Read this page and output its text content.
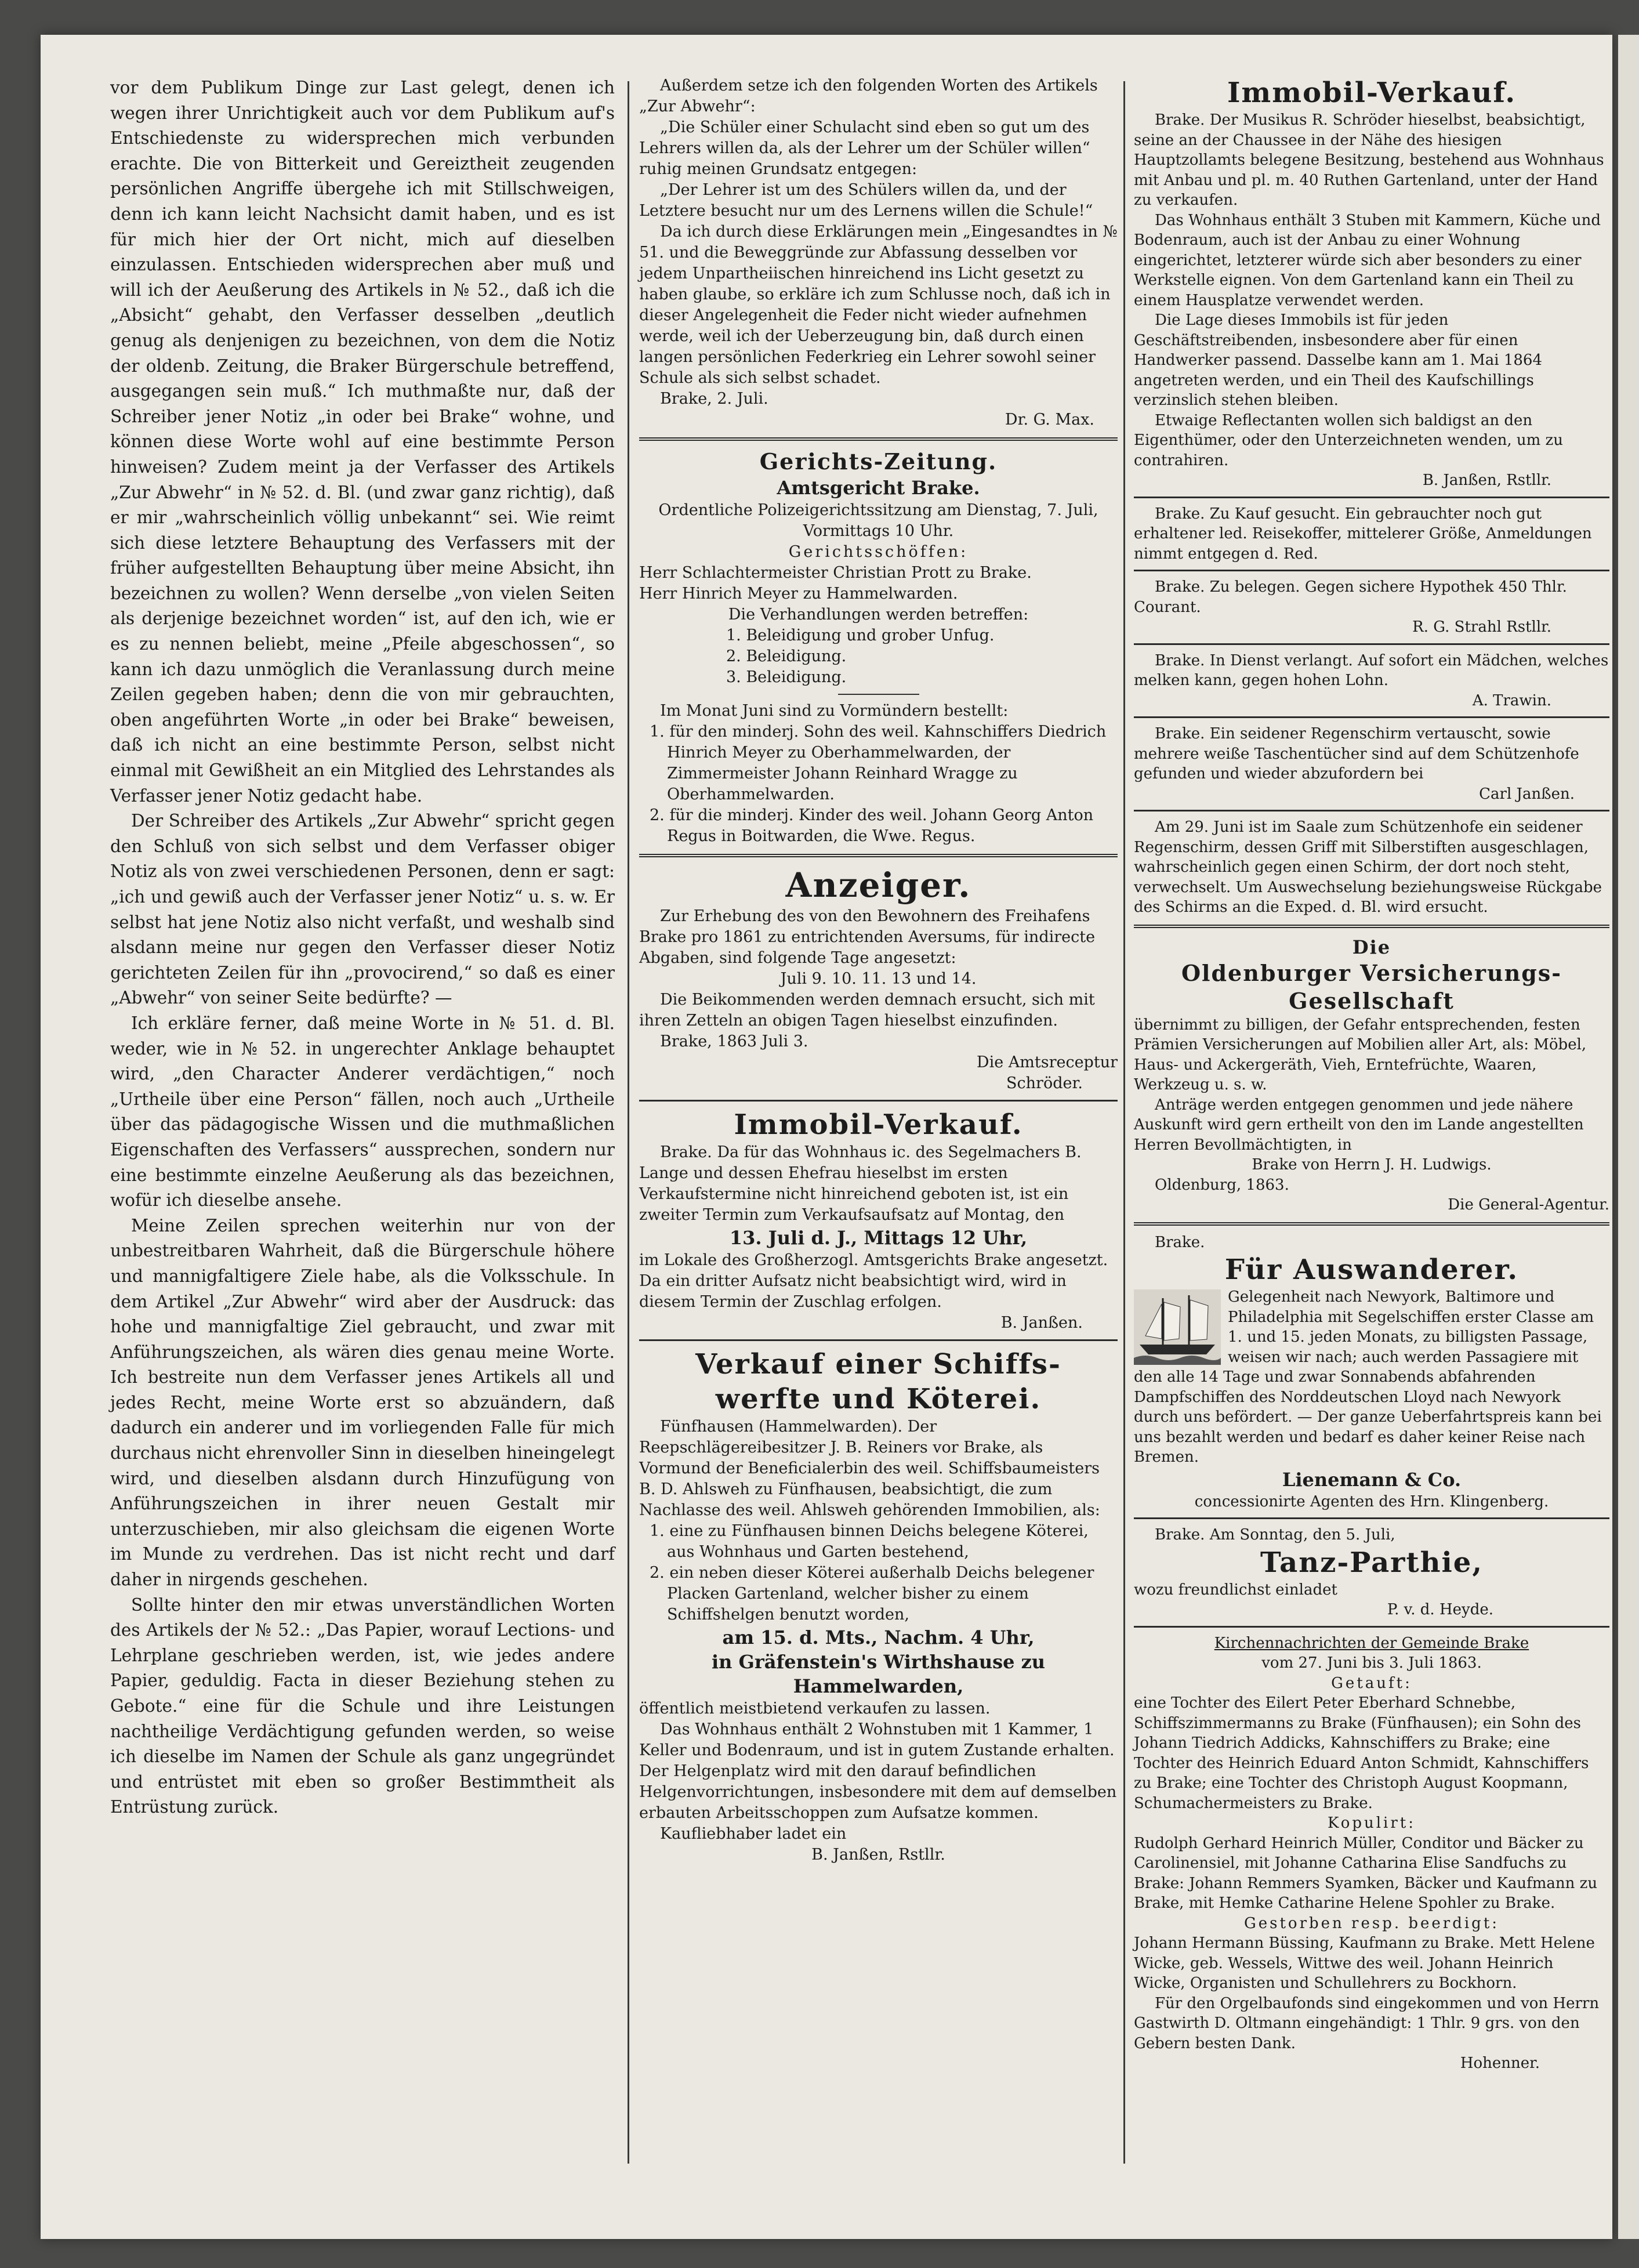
vor dem Publikum Dinge zur Last gelegt, denen ich wegen ihrer Unrichtigkeit auch vor dem Publikum auf's Entschiedenste zu widersprechen mich verbunden erachte. Die von Bitterkeit und Gereiztheit zeugenden persönlichen Angriffe übergehe ich mit Stillschweigen, denn ich kann leicht Nachsicht damit haben, und es ist für mich hier der Ort nicht, mich auf dieselben einzulassen. Entschieden widersprechen aber muß und will ich der Aeußerung des Artikels in № 52., daß ich die „Absicht“ gehabt, den Verfasser desselben „deutlich genug als denjenigen zu bezeichnen, von dem die Notiz der oldenb. Zeitung, die Braker Bürgerschule betreffend, ausgegangen sein muß.“ Ich muthmaßte nur, daß der Schreiber jener Notiz „in oder bei Brake“ wohne, und können diese Worte wohl auf eine bestimmte Person hinweisen? Zudem meint ja der Verfasser des Artikels „Zur Abwehr“ in № 52. d. Bl. (und zwar ganz richtig), daß er mir „wahrscheinlich völlig unbekannt“ sei. Wie reimt sich diese letztere Behauptung des Verfassers mit der früher aufgestellten Behauptung über meine Absicht, ihn bezeichnen zu wollen? Wenn derselbe „von vielen Seiten als derjenige bezeichnet worden“ ist, auf den ich, wie er es zu nennen beliebt, meine „Pfeile abgeschossen“, so kann ich dazu unmöglich die Veranlassung durch meine Zeilen gegeben haben; denn die von mir gebrauchten, oben angeführten Worte „in oder bei Brake“ beweisen, daß ich nicht an eine bestimmte Person, selbst nicht einmal mit Gewißheit an ein Mitglied des Lehrstandes als Verfasser jener Notiz gedacht habe.

Der Schreiber des Artikels „Zur Abwehr“ spricht gegen den Schluß von sich selbst und dem Verfasser obiger Notiz als von zwei verschiedenen Personen, denn er sagt: „ich und gewiß auch der Verfasser jener Notiz“ u. s. w. Er selbst hat jene Notiz also nicht verfaßt, und weshalb sind alsdann meine nur gegen den Verfasser dieser Notiz gerichteten Zeilen für ihn „provocirend,“ so daß es einer „Abwehr“ von seiner Seite bedürfte? —

Ich erkläre ferner, daß meine Worte in № 51. d. Bl. weder, wie in № 52. in ungerechter Anklage behauptet wird, „den Character Anderer verdächtigen,“ noch „Urtheile über eine Person“ fällen, noch auch „Urtheile über das pädagogische Wissen und die muthmaßlichen Eigenschaften des Verfassers“ aussprechen, sondern nur eine bestimmte einzelne Aeußerung als das bezeichnen, wofür ich dieselbe ansehe.

Meine Zeilen sprechen weiterhin nur von der unbestreitbaren Wahrheit, daß die Bürgerschule höhere und mannigfaltigere Ziele habe, als die Volksschule. In dem Artikel „Zur Abwehr“ wird aber der Ausdruck: das hohe und mannigfaltige Ziel gebraucht, und zwar mit Anführungszeichen, als wären dies genau meine Worte. Ich bestreite nun dem Verfasser jenes Artikels all und jedes Recht, meine Worte erst so abzuändern, daß dadurch ein anderer und im vorliegenden Falle für mich durchaus nicht ehrenvoller Sinn in dieselben hineingelegt wird, und dieselben alsdann durch Hinzufügung von Anführungszeichen in ihrer neuen Gestalt mir unterzuschieben, mir also gleichsam die eigenen Worte im Munde zu verdrehen. Das ist nicht recht und darf daher in nirgends geschehen.

Sollte hinter den mir etwas unverständlichen Worten des Artikels der № 52.: „Das Papier, worauf Lections- und Lehrplane geschrieben werden, ist, wie jedes andere Papier, geduldig. Facta in dieser Beziehung stehen zu Gebote.“ eine für die Schule und ihre Leistungen nachtheilige Verdächtigung gefunden werden, so weise ich dieselbe im Namen der Schule als ganz ungegründet und entrüstet mit eben so großer Bestimmtheit als Entrüstung zurück.

Außerdem setze ich den folgenden Worten des Artikels „Zur Abwehr“:

„Die Schüler einer Schulacht sind eben so gut um des Lehrers willen da, als der Lehrer um der Schüler willen“

ruhig meinen Grundsatz entgegen:

„Der Lehrer ist um des Schülers willen da, und der Letztere besucht nur um des Lernens willen die Schule!“

Da ich durch diese Erklärungen mein „Eingesandtes in № 51. und die Beweggründe zur Abfassung desselben vor jedem Unpartheiischen hinreichend ins Licht gesetzt zu haben glaube, so erkläre ich zum Schlusse noch, daß ich in dieser Angelegenheit die Feder nicht wieder aufnehmen werde, weil ich der Ueberzeugung bin, daß durch einen langen persönlichen Federkrieg ein Lehrer sowohl seiner Schule als sich selbst schadet.

Brake, 2. Juli.

Dr. G. Max.

Gerichts-Zeitung.

Amtsgericht Brake.

Ordentliche Polizeigerichtssitzung am Dienstag, 7. Juli, Vormittags 10 Uhr.

Gerichtsschöffen:

Herr Schlachtermeister Christian Prott zu Brake.

Herr Hinrich Meyer zu Hammelwarden.

Die Verhandlungen werden betreffen:

1. Beleidigung und grober Unfug.

2. Beleidigung.

3. Beleidigung.

Im Monat Juni sind zu Vormündern bestellt:

1. für den minderj. Sohn des weil. Kahnschiffers Diedrich Hinrich Meyer zu Oberhammelwarden, der Zimmermeister Johann Reinhard Wragge zu Oberhammelwarden.

2. für die minderj. Kinder des weil. Johann Georg Anton Regus in Boitwarden, die Wwe. Regus.

Anzeiger.

Zur Erhebung des von den Bewohnern des Freihafens Brake pro 1861 zu entrichtenden Aversums, für indirecte Abgaben, sind folgende Tage angesetzt:

Juli 9. 10. 11. 13 und 14.

Die Beikommenden werden demnach ersucht, sich mit ihren Zetteln an obigen Tagen hieselbst einzufinden.

Brake, 1863 Juli 3.

Die Amtsreceptur

Schröder.

Immobil-Verkauf.

Brake. Da für das Wohnhaus ic. des Segelmachers B. Lange und dessen Ehefrau hieselbst im ersten Verkaufstermine nicht hinreichend geboten ist, ist ein zweiter Termin zum Verkaufsaufsatz auf Montag, den

13. Juli d. J., Mittags 12 Uhr,

im Lokale des Großherzogl. Amtsgerichts Brake angesetzt. Da ein dritter Aufsatz nicht beabsichtigt wird, wird in diesem Termin der Zuschlag erfolgen.

B. Janßen.

Verkauf einer Schiffs-

werfte und Köterei.

Fünfhausen (Hammelwarden). Der Reepschlägereibesitzer J. B. Reiners vor Brake, als Vormund der Beneficialerbin des weil. Schiffsbaumeisters B. D. Ahlsweh zu Fünfhausen, beabsichtigt, die zum Nachlasse des weil. Ahlsweh gehörenden Immobilien, als:

1. eine zu Fünfhausen binnen Deichs belegene Köterei, aus Wohnhaus und Garten bestehend,

2. ein neben dieser Köterei außerhalb Deichs belegener Placken Gartenland, welcher bisher zu einem Schiffshelgen benutzt worden,

am 15. d. Mts., Nachm. 4 Uhr,

in Gräfenstein's Wirthshause zu Hammelwarden,

öffentlich meistbietend verkaufen zu lassen.

Das Wohnhaus enthält 2 Wohnstuben mit 1 Kammer, 1 Keller und Bodenraum, und ist in gutem Zustande erhalten. Der Helgenplatz wird mit den darauf befindlichen Helgenvorrichtungen, insbesondere mit dem auf demselben erbauten Arbeitsschoppen zum Aufsatze kommen.

Kaufliebhaber ladet ein

B. Janßen, Rstllr.

Immobil-Verkauf.

Brake. Der Musikus R. Schröder hieselbst, beabsichtigt, seine an der Chaussee in der Nähe des hiesigen Hauptzollamts belegene Besitzung, bestehend aus Wohnhaus mit Anbau und pl. m. 40 Ruthen Gartenland, unter der Hand zu verkaufen.

Das Wohnhaus enthält 3 Stuben mit Kammern, Küche und Bodenraum, auch ist der Anbau zu einer Wohnung eingerichtet, letzterer würde sich aber besonders zu einer Werkstelle eignen. Von dem Gartenland kann ein Theil zu einem Hausplatze verwendet werden.

Die Lage dieses Immobils ist für jeden Geschäftstreibenden, insbesondere aber für einen Handwerker passend. Dasselbe kann am 1. Mai 1864 angetreten werden, und ein Theil des Kaufschillings verzinslich stehen bleiben.

Etwaige Reflectanten wollen sich baldigst an den Eigenthümer, oder den Unterzeichneten wenden, um zu contrahiren.

B. Janßen, Rstllr.

Brake. Zu Kauf gesucht. Ein gebrauchter noch gut erhaltener led. Reisekoffer, mittelerer Größe, Anmeldungen nimmt entgegen d. Red.

Brake. Zu belegen. Gegen sichere Hypothek 450 Thlr. Courant.

R. G. Strahl Rstllr.

Brake. In Dienst verlangt. Auf sofort ein Mädchen, welches melken kann, gegen hohen Lohn.

A. Trawin.

Brake. Ein seidener Regenschirm vertauscht, sowie mehrere weiße Taschentücher sind auf dem Schützenhofe gefunden und wieder abzufordern bei

Carl Janßen.

Am 29. Juni ist im Saale zum Schützenhofe ein seidener Regenschirm, dessen Griff mit Silberstiften ausgeschlagen, wahrscheinlich gegen einen Schirm, der dort noch steht, verwechselt. Um Auswechselung beziehungsweise Rückgabe des Schirms an die Exped. d. Bl. wird ersucht.

Die

Oldenburger Versicherungs-

Gesellschaft

übernimmt zu billigen, der Gefahr entsprechenden, festen Prämien Versicherungen auf Mobilien aller Art, als: Möbel, Haus- und Ackergeräth, Vieh, Erntefrüchte, Waaren, Werkzeug u. s. w.

Anträge werden entgegen genommen und jede nähere Auskunft wird gern ertheilt von den im Lande angestellten Herren Bevollmächtigten, in

Brake von Herrn J. H. Ludwigs.

Oldenburg, 1863.

Die General-Agentur.

Brake.

Für Auswanderer.

Gelegenheit nach Newyork, Baltimore und Philadelphia mit Segelschiffen erster Classe am 1. und 15. jeden Monats, zu billigsten Passage, weisen wir nach; auch werden Passagiere mit den alle 14 Tage und zwar Sonnabends abfahrenden Dampfschiffen des Norddeutschen Lloyd nach Newyork durch uns befördert. — Der ganze Ueberfahrtspreis kann bei uns bezahlt werden und bedarf es daher keiner Reise nach Bremen.

Lienemann & Co.

concessionirte Agenten des Hrn. Klingenberg.

Brake. Am Sonntag, den 5. Juli,

Tanz-Parthie,

wozu freundlichst einladet

P. v. d. Heyde.

Kirchennachrichten der Gemeinde Brake

vom 27. Juni bis 3. Juli 1863.

Getauft:

eine Tochter des Eilert Peter Eberhard Schnebbe, Schiffszimmermanns zu Brake (Fünfhausen); ein Sohn des Johann Tiedrich Addicks, Kahnschiffers zu Brake; eine Tochter des Heinrich Eduard Anton Schmidt, Kahnschiffers zu Brake; eine Tochter des Christoph August Koopmann, Schumachermeisters zu Brake.

Kopulirt:

Rudolph Gerhard Heinrich Müller, Conditor und Bäcker zu Carolinensiel, mit Johanne Catharina Elise Sandfuchs zu Brake: Johann Remmers Syamken, Bäcker und Kaufmann zu Brake, mit Hemke Catharine Helene Spohler zu Brake.

Gestorben resp. beerdigt:

Johann Hermann Büssing, Kaufmann zu Brake. Mett Helene Wicke, geb. Wessels, Wittwe des weil. Johann Heinrich Wicke, Organisten und Schullehrers zu Bockhorn.

Für den Orgelbaufonds sind eingekommen und von Herrn Gastwirth D. Oltmann eingehändigt: 1 Thlr. 9 grs. von den Gebern besten Dank.

Hohenner.
